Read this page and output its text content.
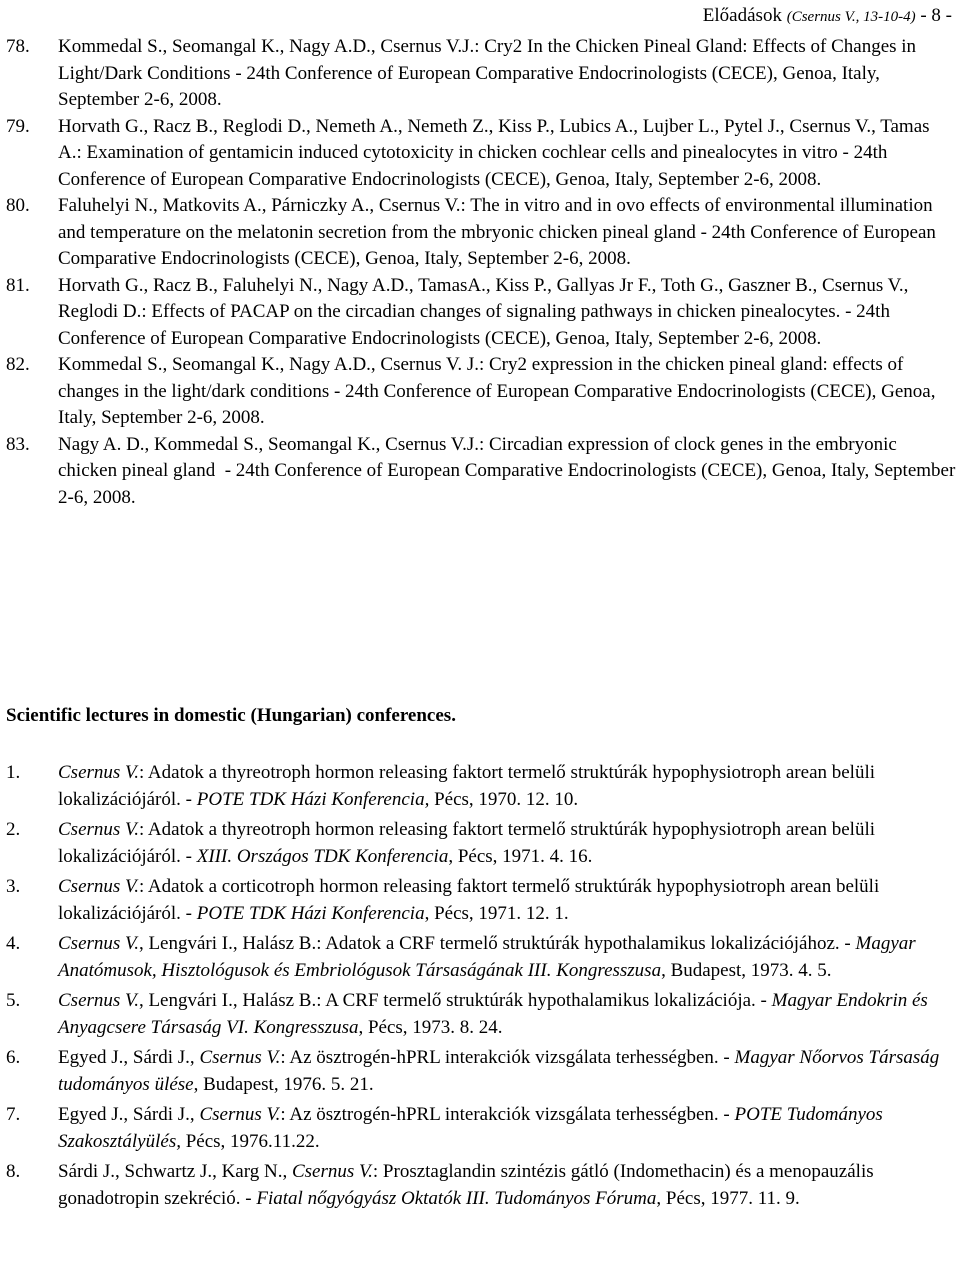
Előadások (Csernus V., 13-10-4) - 8 -
78. Kommedal S., Seomangal K., Nagy A.D., Csernus V.J.: Cry2 In the Chicken Pineal Gland: Effects of Changes in Light/Dark Conditions - 24th Conference of European Comparative Endocrinologists (CECE), Genoa, Italy, September 2-6, 2008.
79. Horvath G., Racz B., Reglodi D., Nemeth A., Nemeth Z., Kiss P., Lubics A., Lujber L., Pytel J., Csernus V., Tamas A.: Examination of gentamicin induced cytotoxicity in chicken cochlear cells and pinealocytes in vitro - 24th Conference of European Comparative Endocrinologists (CECE), Genoa, Italy, September 2-6, 2008.
80. Faluhelyi N., Matkovits A., Párniczky A., Csernus V.: The in vitro and in ovo effects of environmental illumination and temperature on the melatonin secretion from the mbryonic chicken pineal gland - 24th Conference of European Comparative Endocrinologists (CECE), Genoa, Italy, September 2-6, 2008.
81. Horvath G., Racz B., Faluhelyi N., Nagy A.D., TamasA., Kiss P., Gallyas Jr F., Toth G., Gaszner B., Csernus V., Reglodi D.: Effects of PACAP on the circadian changes of signaling pathways in chicken pinealocytes. - 24th Conference of European Comparative Endocrinologists (CECE), Genoa, Italy, September 2-6, 2008.
82. Kommedal S., Seomangal K., Nagy A.D., Csernus V. J.: Cry2 expression in the chicken pineal gland: effects of changes in the light/dark conditions - 24th Conference of European Comparative Endocrinologists (CECE), Genoa, Italy, September 2-6, 2008.
83. Nagy A. D., Kommedal S., Seomangal K., Csernus V.J.: Circadian expression of clock genes in the embryonic chicken pineal gland  - 24th Conference of European Comparative Endocrinologists (CECE), Genoa, Italy, September 2-6, 2008.
Scientific lectures in domestic (Hungarian) conferences.
1. Csernus V.: Adatok a thyreotroph hormon releasing faktort termelő struktúrák hypophysiotroph arean belüli lokalizációjáról. - POTE TDK Házi Konferencia, Pécs, 1970. 12. 10.
2. Csernus V.: Adatok a thyreotroph hormon releasing faktort termelő struktúrák hypophysiotroph arean belüli lokalizációjáról. - XIII. Országos TDK Konferencia, Pécs, 1971. 4. 16.
3. Csernus V.: Adatok a corticotroph hormon releasing faktort termelő struktúrák hypophysiotroph arean belüli lokalizációjáról. - POTE TDK Házi Konferencia, Pécs, 1971. 12. 1.
4. Csernus V., Lengvári I., Halász B.: Adatok a CRF termelő struktúrák hypothalamikus lokalizációjához. - Magyar Anatómusok, Hisztológusok és Embriológusok Társaságának III. Kongresszusa, Budapest, 1973. 4. 5.
5. Csernus V., Lengvári I., Halász B.: A CRF termelő struktúrák hypothalamikus lokalizációja. - Magyar Endokrin és Anyagcsere Társaság VI. Kongresszusa, Pécs, 1973. 8. 24.
6. Egyed J., Sárdi J., Csernus V.: Az ösztrogén-hPRL interakciók vizsgálata terhességben. - Magyar Nőorvos Társaság tudományos ülése, Budapest, 1976. 5. 21.
7. Egyed J., Sárdi J., Csernus V.: Az ösztrogén-hPRL interakciók vizsgálata terhességben. - POTE Tudományos Szakosztályülés, Pécs, 1976.11.22.
8. Sárdi J., Schwartz J., Karg N., Csernus V.: Prosztaglandin szintézis gátló (Indomethacin) és a menopauzális gonadotropin szekréció. - Fiatal nőgyógyász Oktatók III. Tudományos Fóruma, Pécs, 1977. 11. 9.
